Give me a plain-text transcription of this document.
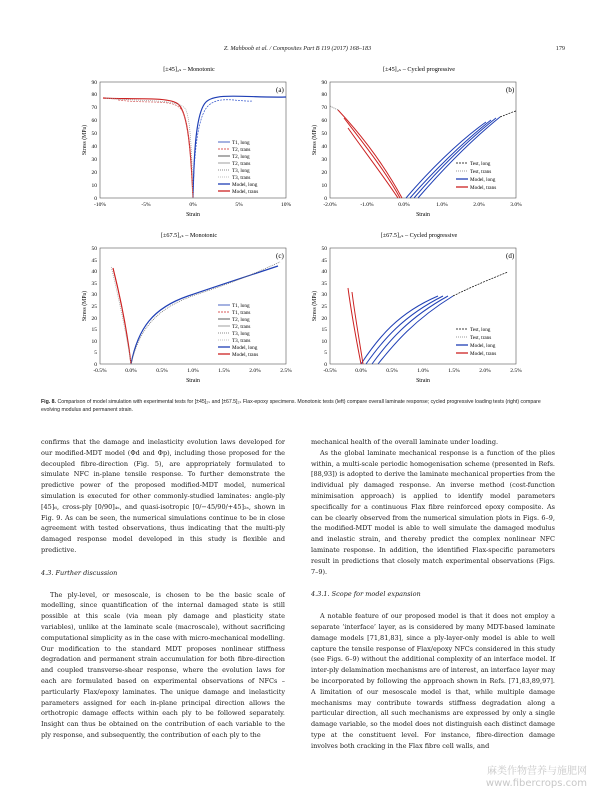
Z. Mahboob et al. / Composites Part B 119 (2017) 168–183	179
[±45]₂ₛ – Monotonic
0
10
20
30
40
50
60
70
80
90
-10%	-5%	0%	5%	10%
Strain
Stress (MPa)
(a)
T1, long
T2, trans
T2, long
T2, trans
T3, long
T3, trans
Model, long
Model, trans
[±45]₂ₛ – Cycled progressive
0
10
20
30
40
50
60
70
80
90
-2.0%	-1.0%	0.0%	1.0%	2.0%	3.0%
Strain
Stress (MPa)
(b)
Test, long
Test, trans
Model, long
Model, trans
[±67.5]₂ₛ – Monotonic
0
5
10
15
20
25
30
35
40
45
50
-0.5%	0.0%	0.5%	1.0%	1.5%	2.0%	2.5%
Strain
Stress (MPa)
(c)
T1, long
T1, trans
T2, long
T2, trans
T3, long
T3, trans
Model, long
Model, trans
[±67.5]₂ₛ – Cycled progressive
0
5
10
15
20
25
30
35
40
45
50
-0.5%	0.0%	0.5%	1.0%	1.5%	2.0%	2.5%
Strain
Stress (MPa)
(d)
Test, long
Test, trans
Model, long
Model, trans
Fig. 8. Comparison of model simulation with experimental tests for [±45]₂ₛ and [±67.5]₂ₛ Flax-epoxy specimens. Monotonic tests (left) compare overall laminate response; cycled progressive loading tests (right) compare evolving modulus and permanent strain.

confirms that the damage and inelasticity evolution laws developed for our modified-MDT model (Φd and Φp), including those proposed for the decoupled fibre-direction (Fig. 5), are appropriately formulated to simulate NFC in-plane tensile response. To further demonstrate the predictive power of the proposed modified-MDT model, numerical simulation is executed for other commonly-studied laminates: angle-ply [45]₆, cross-ply [0/90]₄ₛ, and quasi-isotropic [0/−45/90/+45]₂ₛ, shown in Fig. 9. As can be seen, the numerical simulations continue to be in close agreement with tested observations, thus indicating that the multi-ply damaged response model developed in this study is flexible and predictive.

4.3. Further discussion

The ply-level, or mesoscale, is chosen to be the basic scale of modelling, since quantification of the internal damaged state is still possible at this scale (via mean ply damage and plasticity state variables), unlike at the laminate scale (macroscale), without sacrificing computational simplicity as in the case with micro-mechanical modelling. Our modification to the standard MDT proposes nonlinear stiffness degradation and permanent strain accumulation for both fibre-direction and coupled transverse-shear response, where the evolution laws for each are formulated based on experimental observations of NFCs – particularly Flax/epoxy laminates. The unique damage and inelasticity parameters assigned for each in-plane principal direction allows the orthotropic damage effects within each ply to be followed separately. Insight can thus be obtained on the contribution of each variable to the ply response, and subsequently, the contribution of each ply to the

mechanical health of the overall laminate under loading.

As the global laminate mechanical response is a function of the plies within, a multi-scale periodic homogenisation scheme (presented in Refs. [88,93]) is adopted to derive the laminate mechanical properties from the individual ply damaged response. An inverse method (cost-function minimisation approach) is applied to identify model parameters specifically for a continuous Flax fibre reinforced epoxy composite. As can be clearly observed from the numerical simulation plots in Figs. 6–9, the modified-MDT model is able to well simulate the damaged modulus and inelastic strain, and thereby predict the complex nonlinear NFC laminate response. In addition, the identified Flax-specific parameters result in predictions that closely match experimental observations (Figs. 7–9).

4.3.1. Scope for model expansion

A notable feature of our proposed model is that it does not employ a separate ‘interface’ layer, as is considered by many MDT-based laminate damage models [71,81,83], since a ply-layer-only model is able to well capture the tensile response of Flax/epoxy NFCs considered in this study (see Figs. 6–9) without the additional complexity of an interface model. If inter-ply delamination mechanisms are of interest, an interface layer may be incorporated by following the approach shown in Refs. [71,83,89,97]. A limitation of our mesoscale model is that, while multiple damage mechanisms may contribute towards stiffness degradation along a particular direction, all such mechanisms are expressed by only a single damage variable, so the model does not distinguish each distinct damage type at the constituent level. For instance, fibre-direction damage involves both cracking in the Flax fibre cell walls, and

麻类作物营养与施肥网
www.fibercrops.com
